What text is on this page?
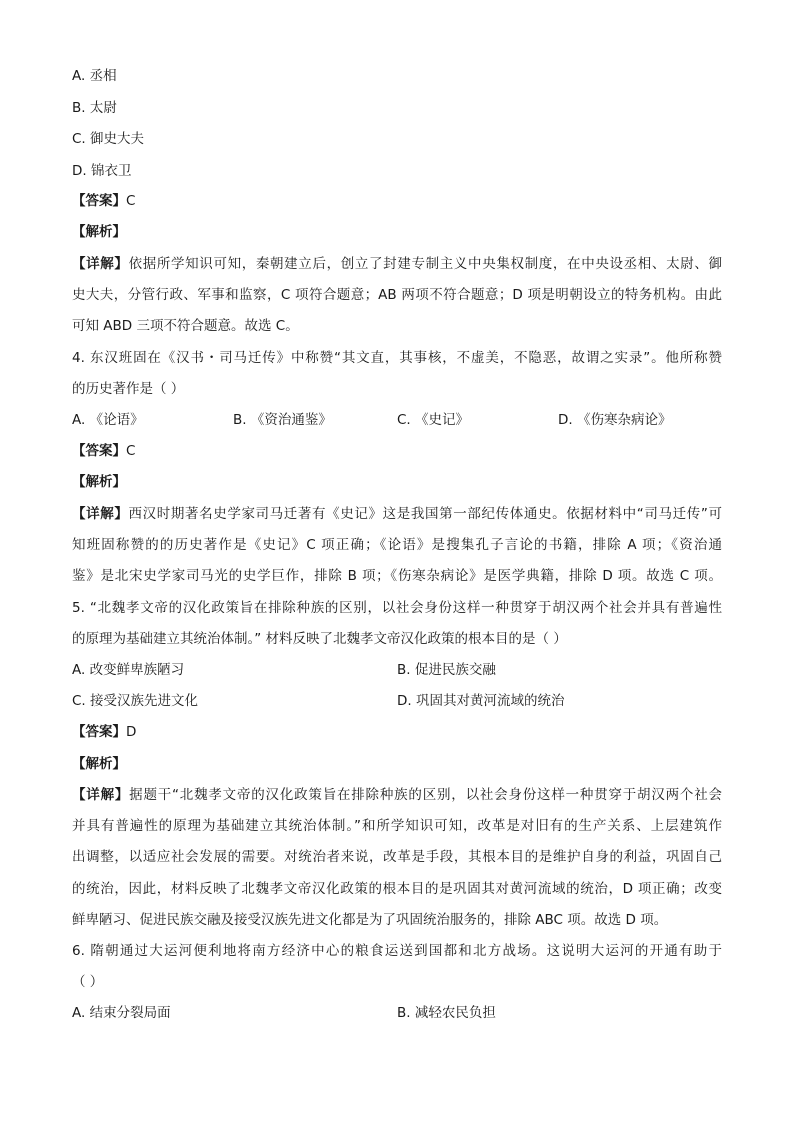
A. 丞相
B. 太尉
C. 御史大夫
D. 锦衣卫
【答案】C
【解析】
【详解】依据所学知识可知，秦朝建立后，创立了封建专制主义中央集权制度，在中央设丞相、太尉、御
史大夫，分管行政、军事和监察，C 项符合题意；AB 两项不符合题意；D 项是明朝设立的特务机构。由此
可知 ABD 三项不符合题意。故选 C。
4. 东汉班固在《汉书・司马迁传》中称赞“其文直，其事核，不虚美，不隐恶，故谓之实录”。他所称赞
的历史著作是（ ）
A. 《论语》	B. 《资治通鉴》	C. 《史记》	D. 《伤寒杂病论》
【答案】C
【解析】
【详解】西汉时期著名史学家司马迁著有《史记》这是我国第一部纪传体通史。依据材料中“司马迁传”可
知班固称赞的的历史著作是《史记》C 项正确；《论语》是搜集孔子言论的书籍，排除 A 项；《资治通
鉴》是北宋史学家司马光的史学巨作，排除 B 项；《伤寒杂病论》是医学典籍，排除 D 项。故选 C 项。
5. “北魏孝文帝的汉化政策旨在排除种族的区别，以社会身份这样一种贯穿于胡汉两个社会并具有普遍性
的原理为基础建立其统治体制。” 材料反映了北魏孝文帝汉化政策的根本目的是（ ）
A. 改变鲜卑族陋习	B. 促进民族交融
C. 接受汉族先进文化	D. 巩固其对黄河流域的统治
【答案】D
【解析】
【详解】据题干“北魏孝文帝的汉化政策旨在排除种族的区别，以社会身份这样一种贯穿于胡汉两个社会
并具有普遍性的原理为基础建立其统治体制。”和所学知识可知，改革是对旧有的生产关系、上层建筑作
出调整，以适应社会发展的需要。对统治者来说，改革是手段，其根本目的是维护自身的利益，巩固自己
的统治，因此，材料反映了北魏孝文帝汉化政策的根本目的是巩固其对黄河流域的统治，D 项正确；改变
鲜卑陋习、促进民族交融及接受汉族先进文化都是为了巩固统治服务的，排除 ABC 项。故选 D 项。
6. 隋朝通过大运河便利地将南方经济中心的粮食运送到国都和北方战场。这说明大运河的开通有助于
（ ）
A. 结束分裂局面	B. 减轻农民负担
